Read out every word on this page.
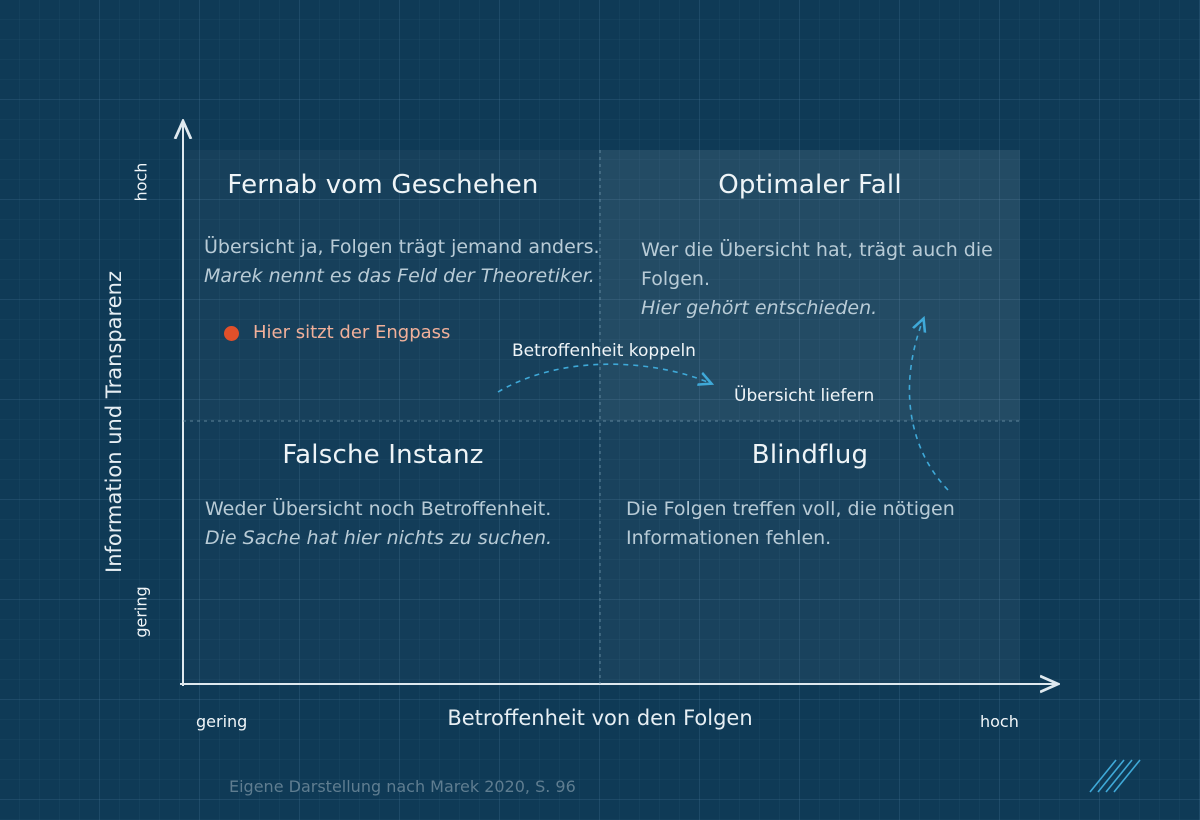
Fernab vom Geschehen	Optimaler Fall
Falsche Instanz	Blindflug
Übersicht ja, Folgen trägt jemand anders.
Marek nennt es das Feld der Theoretiker.
Wer die Übersicht hat, trägt auch die
Folgen.
Hier gehört entschieden.
Weder Übersicht noch Betroffenheit.
Die Sache hat hier nichts zu suchen.
Die Folgen treffen voll, die nötigen
Informationen fehlen.
Hier sitzt der Engpass
Betroffenheit koppeln
Übersicht liefern
Information und Transparenz
hoch
gering
gering	hoch
Betroffenheit von den Folgen
Eigene Darstellung nach Marek 2020, S. 96
